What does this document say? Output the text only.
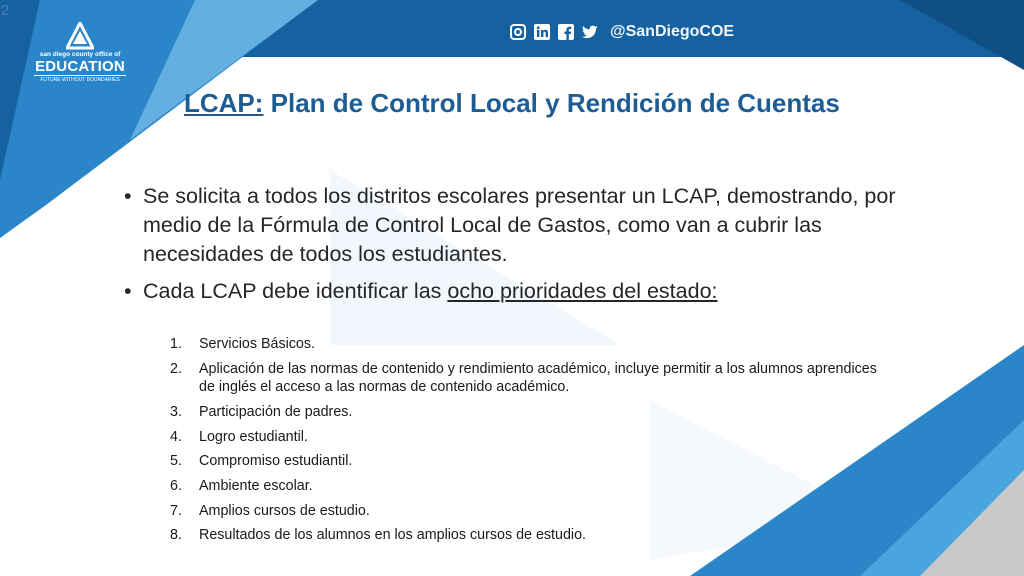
2
san diego county office of
EDUCATION
FUTURE WITHOUT BOUNDARIES
@SanDiegoCOE
LCAP: Plan de Control Local y Rendición de Cuentas
• Se solicita a todos los distritos escolares presentar un LCAP, demostrando, por medio de la Fórmula de Control Local de Gastos, como van a cubrir las necesidades de todos los estudiantes.
• Cada LCAP debe identificar las ocho prioridades del estado:
1.	Servicios Básicos.
2.	Aplicación de las normas de contenido y rendimiento académico, incluye permitir a los alumnos aprendices de inglés el acceso a las normas de contenido académico.
3.	Participación de padres.
4.	Logro estudiantil.
5.	Compromiso estudiantil.
6.	Ambiente escolar.
7.	Amplios cursos de estudio.
8.	Resultados de los alumnos en los amplios cursos de estudio.
